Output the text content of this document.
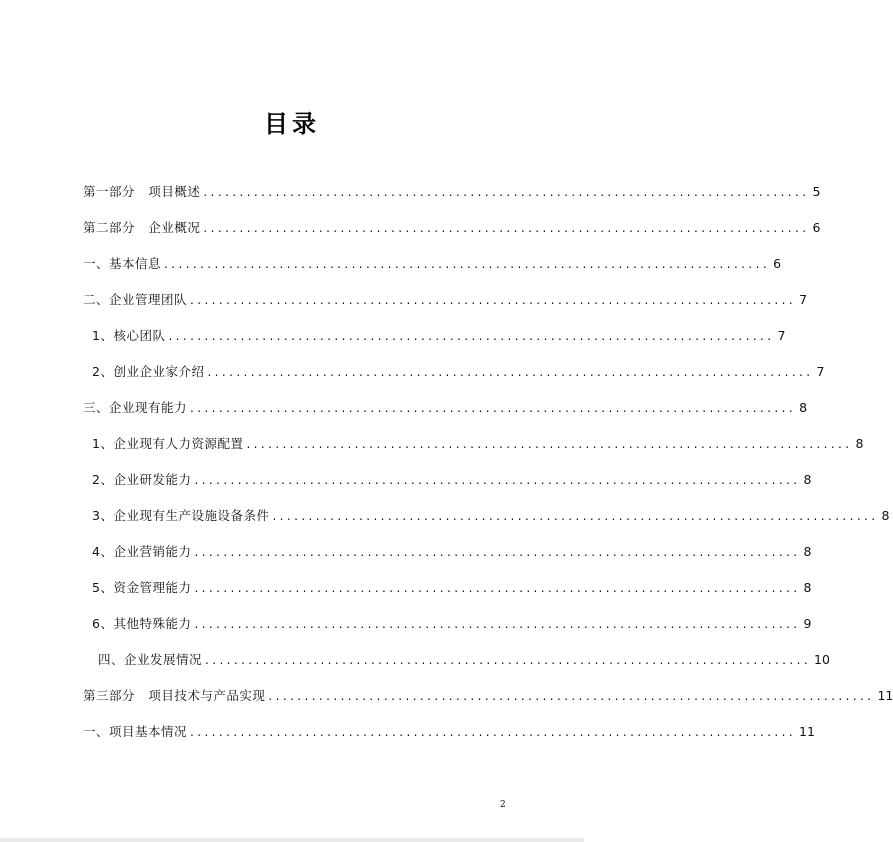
目录
第一部分   项目概述 .................................................................................... 5
第二部分   企业概况 .................................................................................... 6
一、基本信息 .................................................................................... 6
二、企业管理团队 .................................................................................... 7
1、核心团队 .................................................................................... 7
2、创业企业家介绍 .................................................................................... 7
三、企业现有能力 .................................................................................... 8
1、企业现有人力资源配置 .................................................................................... 8
2、企业研发能力 .................................................................................... 8
3、企业现有生产设施设备条件 .................................................................................... 8
4、企业营销能力 .................................................................................... 8
5、资金管理能力 .................................................................................... 8
6、其他特殊能力 .................................................................................... 9
四、企业发展情况 .................................................................................... 10
第三部分   项目技术与产品实现 .................................................................................... 11
一、项目基本情况 .................................................................................... 11
2
